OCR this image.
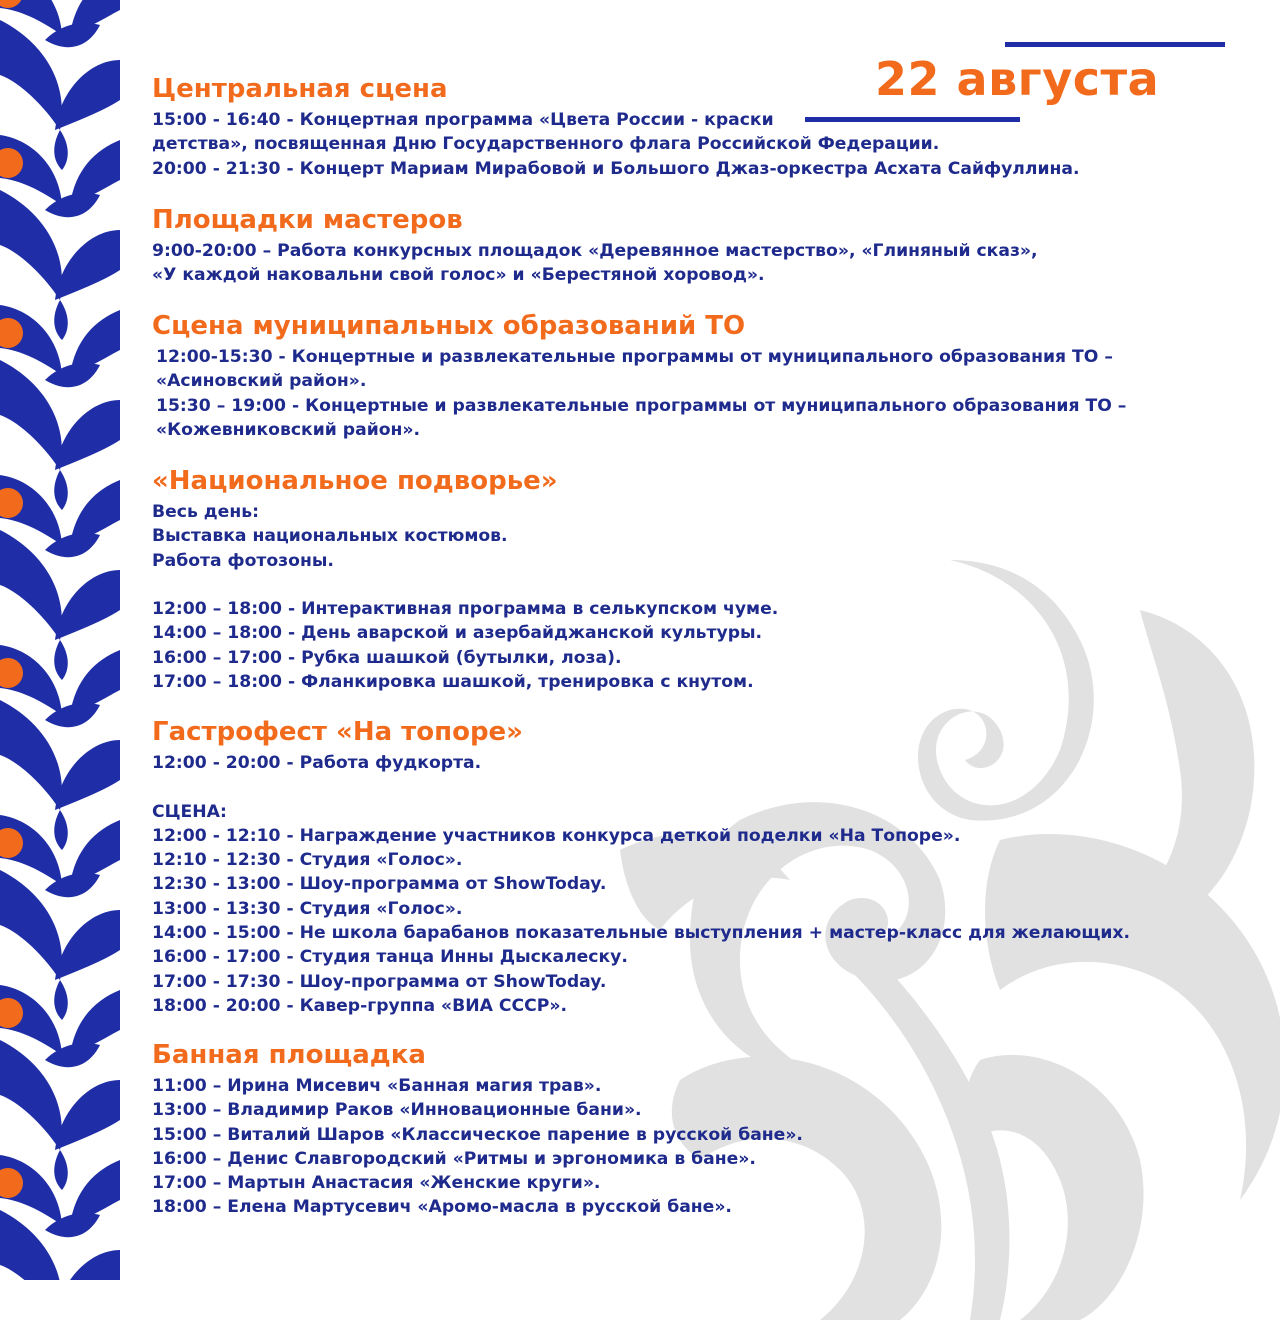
22 августа
Центральная сцена
15:00 - 16:40 - Концертная программа «Цвета России - краски
детства», посвященная Дню Государственного флага Российской Федерации.
20:00 - 21:30 - Концерт Мариам Мирабовой и Большого Джаз-оркестра Асхата Сайфуллина.
Площадки мастеров
9:00-20:00 – Работа конкурсных площадок «Деревянное мастерство», «Глиняный сказ»,
«У каждой наковальни свой голос» и «Берестяной хоровод».
Сцена муниципальных образований ТО
12:00-15:30 - Концертные и развлекательные программы от муниципального образования ТО –
«Асиновский район».
15:30 – 19:00 - Концертные и развлекательные программы от муниципального образования ТО –
«Кожевниковский район».
«Национальное подворье»
Весь день:
Выставка национальных костюмов.
Работа фотозоны.
12:00 – 18:00 - Интерактивная программа в селькупском чуме.
14:00 – 18:00 - День аварской и азербайджанской культуры.
16:00 – 17:00 - Рубка шашкой (бутылки, лоза).
17:00 – 18:00 - Фланкировка шашкой, тренировка с кнутом.
Гастрофест «На топоре»
12:00 - 20:00 - Работа фудкорта.
СЦЕНА:
12:00 - 12:10 - Награждение участников конкурса деткой поделки «На Топоре».
12:10 - 12:30 - Студия «Голос».
12:30 - 13:00 - Шоу-программа от ShowToday.
13:00 - 13:30 - Студия «Голос».
14:00 - 15:00 - Не школа барабанов показательные выступления + мастер-класс для желающих.
16:00 - 17:00 - Студия танца Инны Дыскалеску.
17:00 - 17:30 - Шоу-программа от ShowToday.
18:00 - 20:00 - Кавер-группа «ВИА СССР».
Банная площадка
11:00 – Ирина Мисевич «Банная магия трав».
13:00 – Владимир Раков «Инновационные бани».
15:00 – Виталий Шаров «Классическое парение в русской бане».
16:00 – Денис Славгородский «Ритмы и эргономика в бане».
17:00 – Мартын Анастасия «Женские круги».
18:00 – Елена Мартусевич «Аромо-масла в русской бане».
